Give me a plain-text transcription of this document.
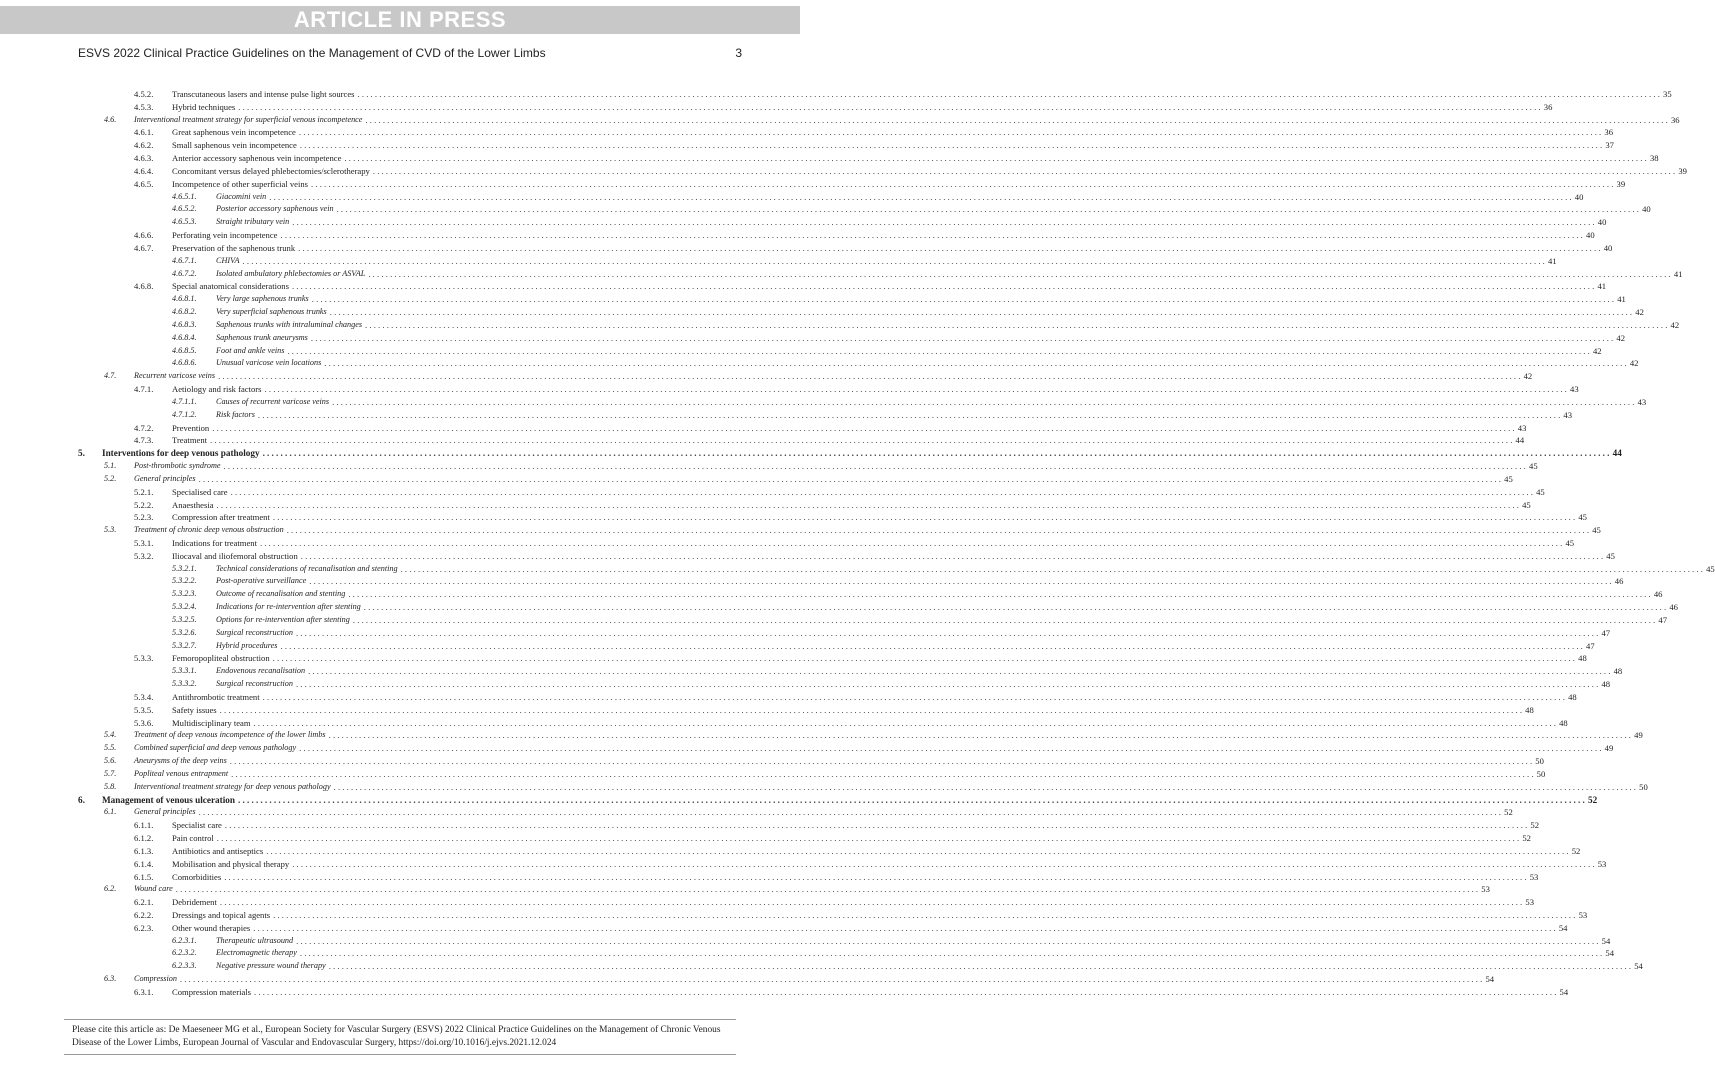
ARTICLE IN PRESS
ESVS 2022 Clinical Practice Guidelines on the Management of CVD of the Lower Limbs	3
4.5.2. Transcutaneous lasers and intense pulse light sources ............................................................................................................................................................................................................................................................................................................ 35
4.5.3. Hybrid techniques ............................................................................................................................................................................................................................................................................................................ 36
4.6. Interventional treatment strategy for superficial venous incompetence ............................................................................................................................................................................................................................................................................................................ 36
4.6.1. Great saphenous vein incompetence ............................................................................................................................................................................................................................................................................................................ 36
4.6.2. Small saphenous vein incompetence ............................................................................................................................................................................................................................................................................................................ 37
4.6.3. Anterior accessory saphenous vein incompetence ............................................................................................................................................................................................................................................................................................................ 38
4.6.4. Concomitant versus delayed phlebectomies/sclerotherapy ............................................................................................................................................................................................................................................................................................................ 39
4.6.5. Incompetence of other superficial veins ............................................................................................................................................................................................................................................................................................................ 39
4.6.5.1. Giacomini vein ............................................................................................................................................................................................................................................................................................................ 40
4.6.5.2. Posterior accessory saphenous vein ............................................................................................................................................................................................................................................................................................................ 40
4.6.5.3. Straight tributary vein ............................................................................................................................................................................................................................................................................................................ 40
4.6.6. Perforating vein incompetence ............................................................................................................................................................................................................................................................................................................ 40
4.6.7. Preservation of the saphenous trunk ............................................................................................................................................................................................................................................................................................................ 40
4.6.7.1. CHIVA ............................................................................................................................................................................................................................................................................................................ 41
4.6.7.2. Isolated ambulatory phlebectomies or ASVAL ............................................................................................................................................................................................................................................................................................................ 41
4.6.8. Special anatomical considerations ............................................................................................................................................................................................................................................................................................................ 41
4.6.8.1. Very large saphenous trunks ............................................................................................................................................................................................................................................................................................................ 41
4.6.8.2. Very superficial saphenous trunks ............................................................................................................................................................................................................................................................................................................ 42
4.6.8.3. Saphenous trunks with intraluminal changes ............................................................................................................................................................................................................................................................................................................ 42
4.6.8.4. Saphenous trunk aneurysms ............................................................................................................................................................................................................................................................................................................ 42
4.6.8.5. Foot and ankle veins ............................................................................................................................................................................................................................................................................................................ 42
4.6.8.6. Unusual varicose vein locations ............................................................................................................................................................................................................................................................................................................ 42
4.7. Recurrent varicose veins ............................................................................................................................................................................................................................................................................................................ 42
4.7.1. Aetiology and risk factors ............................................................................................................................................................................................................................................................................................................ 43
4.7.1.1. Causes of recurrent varicose veins ............................................................................................................................................................................................................................................................................................................ 43
4.7.1.2. Risk factors ............................................................................................................................................................................................................................................................................................................ 43
4.7.2. Prevention ............................................................................................................................................................................................................................................................................................................ 43
4.7.3. Treatment ............................................................................................................................................................................................................................................................................................................ 44
5. Interventions for deep venous pathology ............................................................................................................................................................................................................................................................................................................ 44
5.1. Post-thrombotic syndrome ............................................................................................................................................................................................................................................................................................................ 45
5.2. General principles ............................................................................................................................................................................................................................................................................................................ 45
5.2.1. Specialised care ............................................................................................................................................................................................................................................................................................................ 45
5.2.2. Anaesthesia ............................................................................................................................................................................................................................................................................................................ 45
5.2.3. Compression after treatment ............................................................................................................................................................................................................................................................................................................ 45
5.3. Treatment of chronic deep venous obstruction ............................................................................................................................................................................................................................................................................................................ 45
5.3.1. Indications for treatment ............................................................................................................................................................................................................................................................................................................ 45
5.3.2. Iliocaval and iliofemoral obstruction ............................................................................................................................................................................................................................................................................................................ 45
5.3.2.1. Technical considerations of recanalisation and stenting ............................................................................................................................................................................................................................................................................................................ 45
5.3.2.2. Post-operative surveillance ............................................................................................................................................................................................................................................................................................................ 46
5.3.2.3. Outcome of recanalisation and stenting ............................................................................................................................................................................................................................................................................................................ 46
5.3.2.4. Indications for re-intervention after stenting ............................................................................................................................................................................................................................................................................................................ 46
5.3.2.5. Options for re-intervention after stenting ............................................................................................................................................................................................................................................................................................................ 47
5.3.2.6. Surgical reconstruction ............................................................................................................................................................................................................................................................................................................ 47
5.3.2.7. Hybrid procedures ............................................................................................................................................................................................................................................................................................................ 47
5.3.3. Femoropopliteal obstruction ............................................................................................................................................................................................................................................................................................................ 48
5.3.3.1. Endovenous recanalisation ............................................................................................................................................................................................................................................................................................................ 48
5.3.3.2. Surgical reconstruction ............................................................................................................................................................................................................................................................................................................ 48
5.3.4. Antithrombotic treatment ............................................................................................................................................................................................................................................................................................................ 48
5.3.5. Safety issues ............................................................................................................................................................................................................................................................................................................ 48
5.3.6. Multidisciplinary team ............................................................................................................................................................................................................................................................................................................ 48
5.4. Treatment of deep venous incompetence of the lower limbs ............................................................................................................................................................................................................................................................................................................ 49
5.5. Combined superficial and deep venous pathology ............................................................................................................................................................................................................................................................................................................ 49
5.6. Aneurysms of the deep veins ............................................................................................................................................................................................................................................................................................................ 50
5.7. Popliteal venous entrapment ............................................................................................................................................................................................................................................................................................................ 50
5.8. Interventional treatment strategy for deep venous pathology ............................................................................................................................................................................................................................................................................................................ 50
6. Management of venous ulceration ............................................................................................................................................................................................................................................................................................................ 52
6.1. General principles ............................................................................................................................................................................................................................................................................................................ 52
6.1.1. Specialist care ............................................................................................................................................................................................................................................................................................................ 52
6.1.2. Pain control ............................................................................................................................................................................................................................................................................................................ 52
6.1.3. Antibiotics and antiseptics ............................................................................................................................................................................................................................................................................................................ 52
6.1.4. Mobilisation and physical therapy ............................................................................................................................................................................................................................................................................................................ 53
6.1.5. Comorbidities ............................................................................................................................................................................................................................................................................................................ 53
6.2. Wound care ............................................................................................................................................................................................................................................................................................................ 53
6.2.1. Debridement ............................................................................................................................................................................................................................................................................................................ 53
6.2.2. Dressings and topical agents ............................................................................................................................................................................................................................................................................................................ 53
6.2.3. Other wound therapies ............................................................................................................................................................................................................................................................................................................ 54
6.2.3.1. Therapeutic ultrasound ............................................................................................................................................................................................................................................................................................................ 54
6.2.3.2. Electromagnetic therapy ............................................................................................................................................................................................................................................................................................................ 54
6.2.3.3. Negative pressure wound therapy ............................................................................................................................................................................................................................................................................................................ 54
6.3. Compression ............................................................................................................................................................................................................................................................................................................ 54
6.3.1. Compression materials ............................................................................................................................................................................................................................................................................................................ 54
Please cite this article as: De Maeseneer MG et al., European Society for Vascular Surgery (ESVS) 2022 Clinical Practice Guidelines on the Management of Chronic Venous Disease of the Lower Limbs, European Journal of Vascular and Endovascular Surgery, https://doi.org/10.1016/j.ejvs.2021.12.024
